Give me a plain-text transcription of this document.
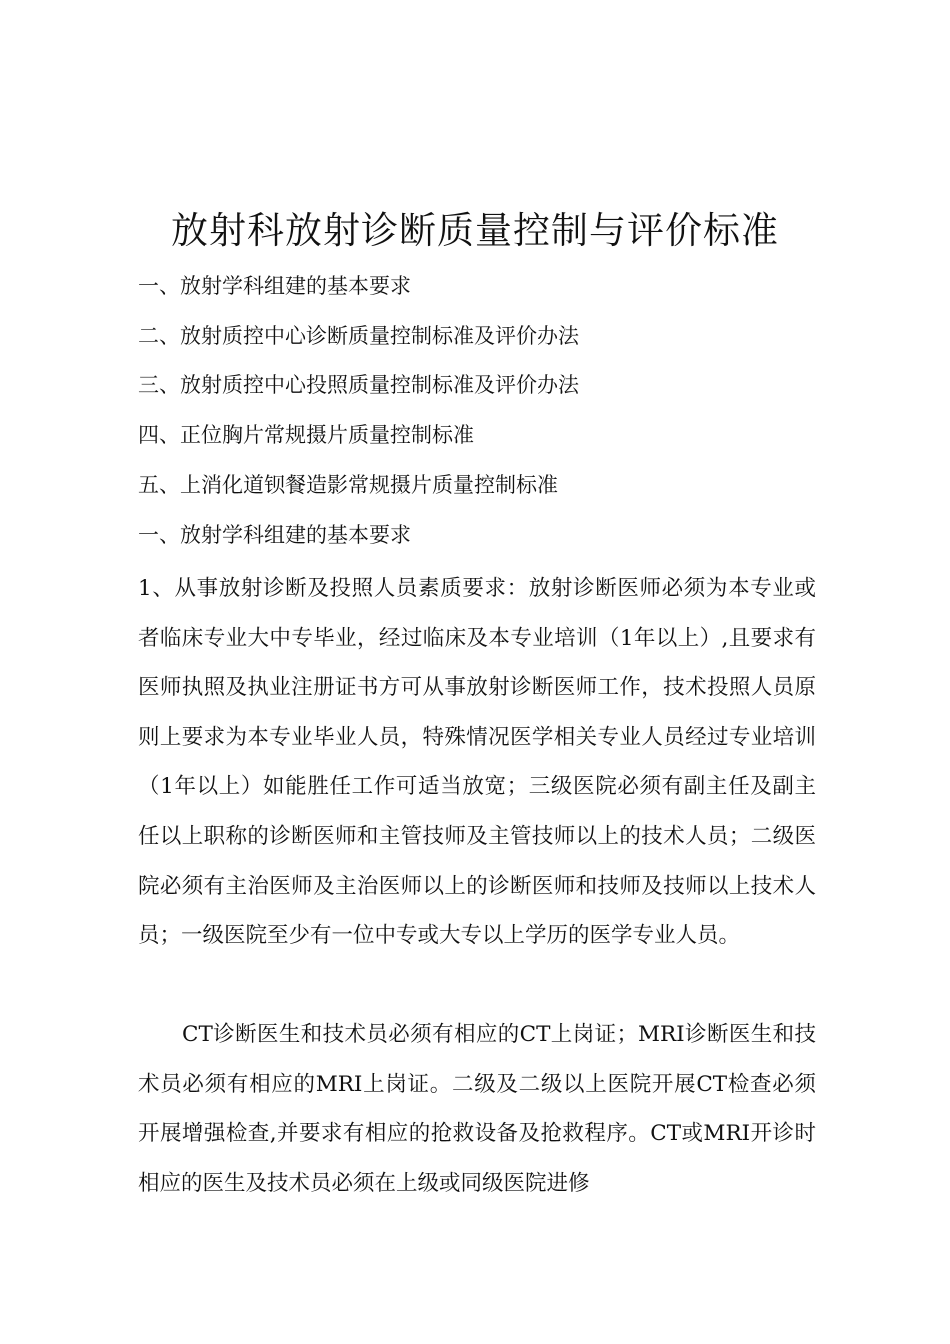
放射科放射诊断质量控制与评价标准
一、放射学科组建的基本要求
二、放射质控中心诊断质量控制标准及评价办法
三、放射质控中心投照质量控制标准及评价办法
四、正位胸片常规摄片质量控制标准
五、上消化道钡餐造影常规摄片质量控制标准
一、放射学科组建的基本要求

1、从事放射诊断及投照人员素质要求：放射诊断医师必须为本专业或者临床专业大中专毕业，经过临床及本专业培训（1年以上）,且要求有医师执照及执业注册证书方可从事放射诊断医师工作，技术投照人员原则上要求为本专业毕业人员，特殊情况医学相关专业人员经过专业培训（1年以上）如能胜任工作可适当放宽；三级医院必须有副主任及副主任以上职称的诊断医师和主管技师及主管技师以上的技术人员；二级医院必须有主治医师及主治医师以上的诊断医师和技师及技师以上技术人员；一级医院至少有一位中专或大专以上学历的医学专业人员。

CT诊断医生和技术员必须有相应的CT上岗证；MRI诊断医生和技术员必须有相应的MRI上岗证。二级及二级以上医院开展CT检查必须开展增强检查,并要求有相应的抢救设备及抢救程序。CT或MRI开诊时相应的医生及技术员必须在上级或同级医院进修
